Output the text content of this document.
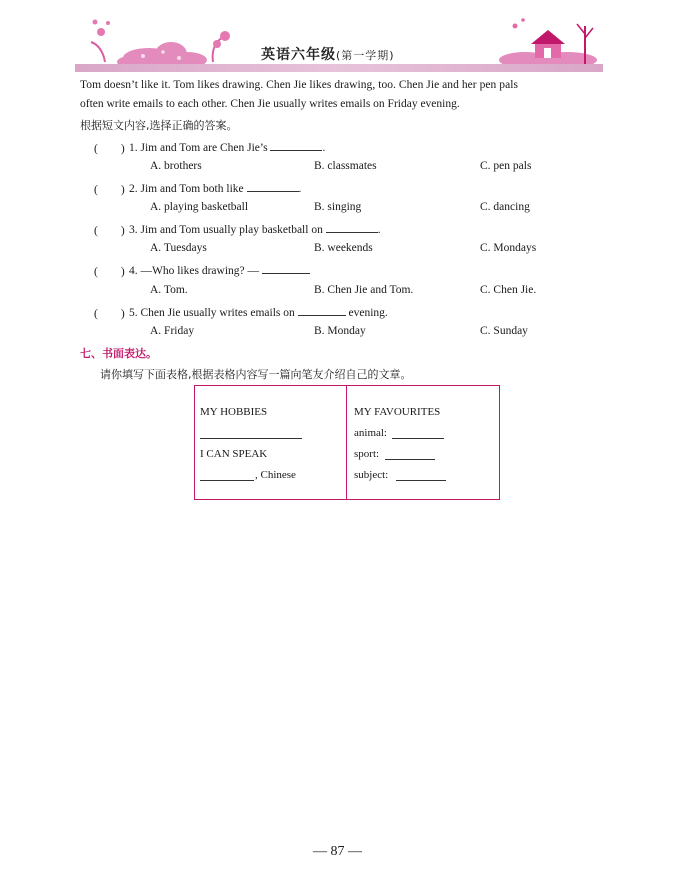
英语六年级(第一学期)
Tom doesn’t like it. Tom likes drawing. Chen Jie likes drawing, too. Chen Jie and her pen pals
often write emails to each other. Chen Jie usually writes emails on Friday evening.
根据短文内容,选择正确的答案。
(　　) 1. Jim and Tom are Chen Jie’s	.
A. brothers	B. classmates	C. pen pals
(　　) 2. Jim and Tom both like	.
A. playing basketball	B. singing	C. dancing
(　　) 3. Jim and Tom usually play basketball on	.
A. Tuesdays	B. weekends	C. Mondays
(　　) 4. —Who likes drawing? —
A. Tom.	B. Chen Jie and Tom.	C. Chen Jie.
(　　) 5. Chen Jie usually writes emails on	evening.
A. Friday	B. Monday	C. Sunday
七、书面表达。
请你填写下面表格,根据表格内容写一篇向笔友介绍自己的文章。
MY HOBBIES
I CAN SPEAK
, Chinese
MY FAVOURITES
animal:
sport:
subject:
— 87 —
